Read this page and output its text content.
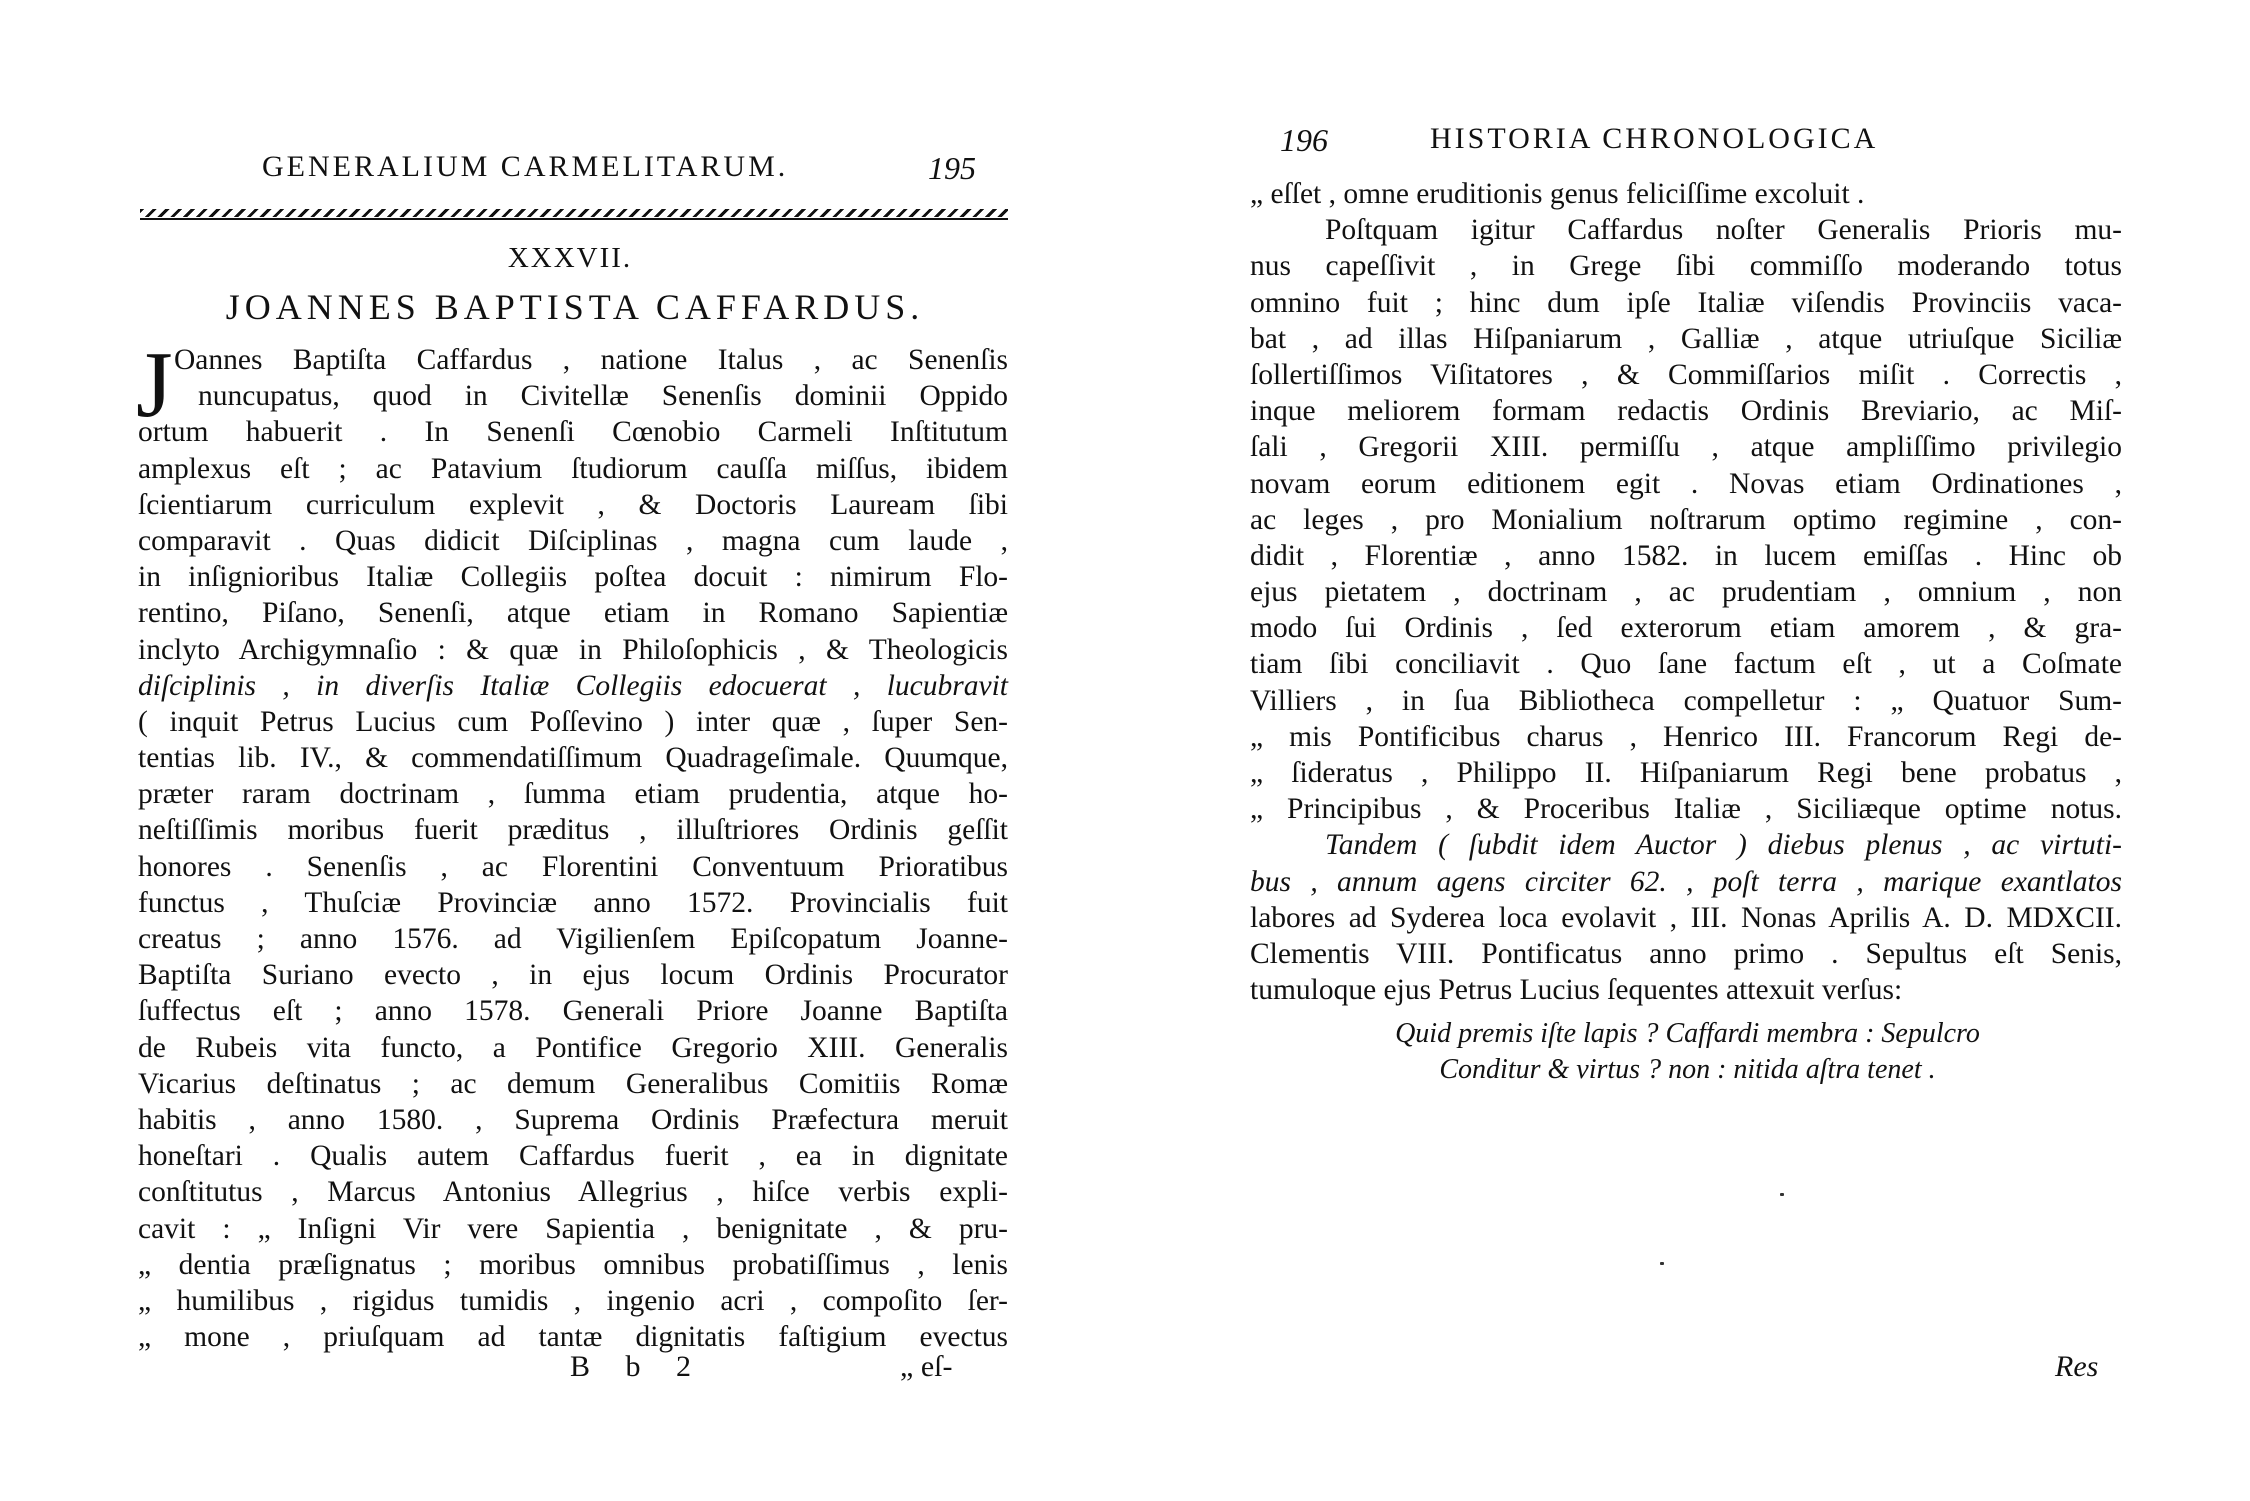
GENERALIUM CARMELITARUM.	195
XXXVII.
JOANNES BAPTISTA CAFFARDUS.
J Oannes Baptiſta Caffardus , natione Italus , ac Senenſis
nuncupatus, quod in Civitellæ Senenſis dominii Oppido
ortum habuerit . In Senenſi Cœnobio Carmeli Inſtitutum
amplexus eſt ; ac Patavium ſtudiorum cauſſa miſſus, ibidem
ſcientiarum curriculum explevit , & Doctoris Lauream ſibi
comparavit . Quas didicit Diſciplinas , magna cum laude ,
in inſignioribus Italiæ Collegiis poſtea docuit : nimirum Flo-
rentino, Piſano, Senenſi, atque etiam in Romano Sapientiæ
inclyto Archigymnaſio : & quæ in Philoſophicis , & Theologicis
diſciplinis , in diverſis Italiæ Collegiis edocuerat , lucubravit
( inquit Petrus Lucius cum Poſſevino ) inter quæ , ſuper Sen-
tentias lib. IV., & commendatiſſimum Quadrageſimale. Quumque,
præter raram doctrinam , ſumma etiam prudentia, atque ho-
neſtiſſimis moribus fuerit præditus , illuſtriores Ordinis geſſit
honores . Senenſis , ac Florentini Conventuum Prioratibus
functus , Thuſciæ Provinciæ anno 1572. Provincialis fuit
creatus ; anno 1576. ad Vigilienſem Epiſcopatum Joanne-
Baptiſta Suriano evecto , in ejus locum Ordinis Procurator
ſuffectus eſt ; anno 1578. Generali Priore Joanne Baptiſta
de Rubeis vita functo, a Pontifice Gregorio XIII. Generalis
Vicarius deſtinatus ; ac demum Generalibus Comitiis Romæ
habitis , anno 1580. , Suprema Ordinis Præfectura meruit
honeſtari . Qualis autem Caffardus fuerit , ea in dignitate
conſtitutus , Marcus Antonius Allegrius , hiſce verbis expli-
cavit : „ Inſigni Vir vere Sapientia , benignitate , & pru-
„ dentia præſignatus ; moribus omnibus probatiſſimus , lenis
„ humilibus , rigidus tumidis , ingenio acri , compoſito ſer-
„ mone , priuſquam ad tantæ dignitatis faſtigium evectus
B b 2	„ eſ-
196	HISTORIA CHRONOLOGICA
„ eſſet , omne eruditionis genus feliciſſime excoluit .
Poſtquam igitur Caffardus noſter Generalis Prioris mu-
nus capeſſivit , in Grege ſibi commiſſo moderando totus
omnino fuit ; hinc dum ipſe Italiæ viſendis Provinciis vaca-
bat , ad illas Hiſpaniarum , Galliæ , atque utriuſque Siciliæ
ſollertiſſimos Viſitatores , & Commiſſarios miſit . Correctis ,
inque meliorem formam redactis Ordinis Breviario, ac Miſ-
ſali , Gregorii XIII. permiſſu , atque ampliſſimo privilegio
novam eorum editionem egit . Novas etiam Ordinationes ,
ac leges , pro Monialium noſtrarum optimo regimine , con-
didit , Florentiæ , anno 1582. in lucem emiſſas . Hinc ob
ejus pietatem , doctrinam , ac prudentiam , omnium , non
modo ſui Ordinis , ſed exterorum etiam amorem , & gra-
tiam ſibi conciliavit . Quo ſane factum eſt , ut a Coſmate
Villiers , in ſua Bibliotheca compelletur : „ Quatuor Sum-
„ mis Pontificibus charus , Henrico III. Francorum Regi de-
„ ſideratus , Philippo II. Hiſpaniarum Regi bene probatus ,
„ Principibus , & Proceribus Italiæ , Siciliæque optime notus.
Tandem ( ſubdit idem Auctor ) diebus plenus , ac virtuti-
bus , annum agens circiter 62. , poſt terra , marique exantlatos
labores ad Syderea loca evolavit , III. Nonas Aprilis A. D. MDXCII.
Clementis VIII. Pontificatus anno primo . Sepultus eſt Senis,
tumuloque ejus Petrus Lucius ſequentes attexuit verſus:
Quid premis iſte lapis ? Caffardi membra : Sepulcro
Conditur & virtus ? non : nitida aſtra tenet .
Res
